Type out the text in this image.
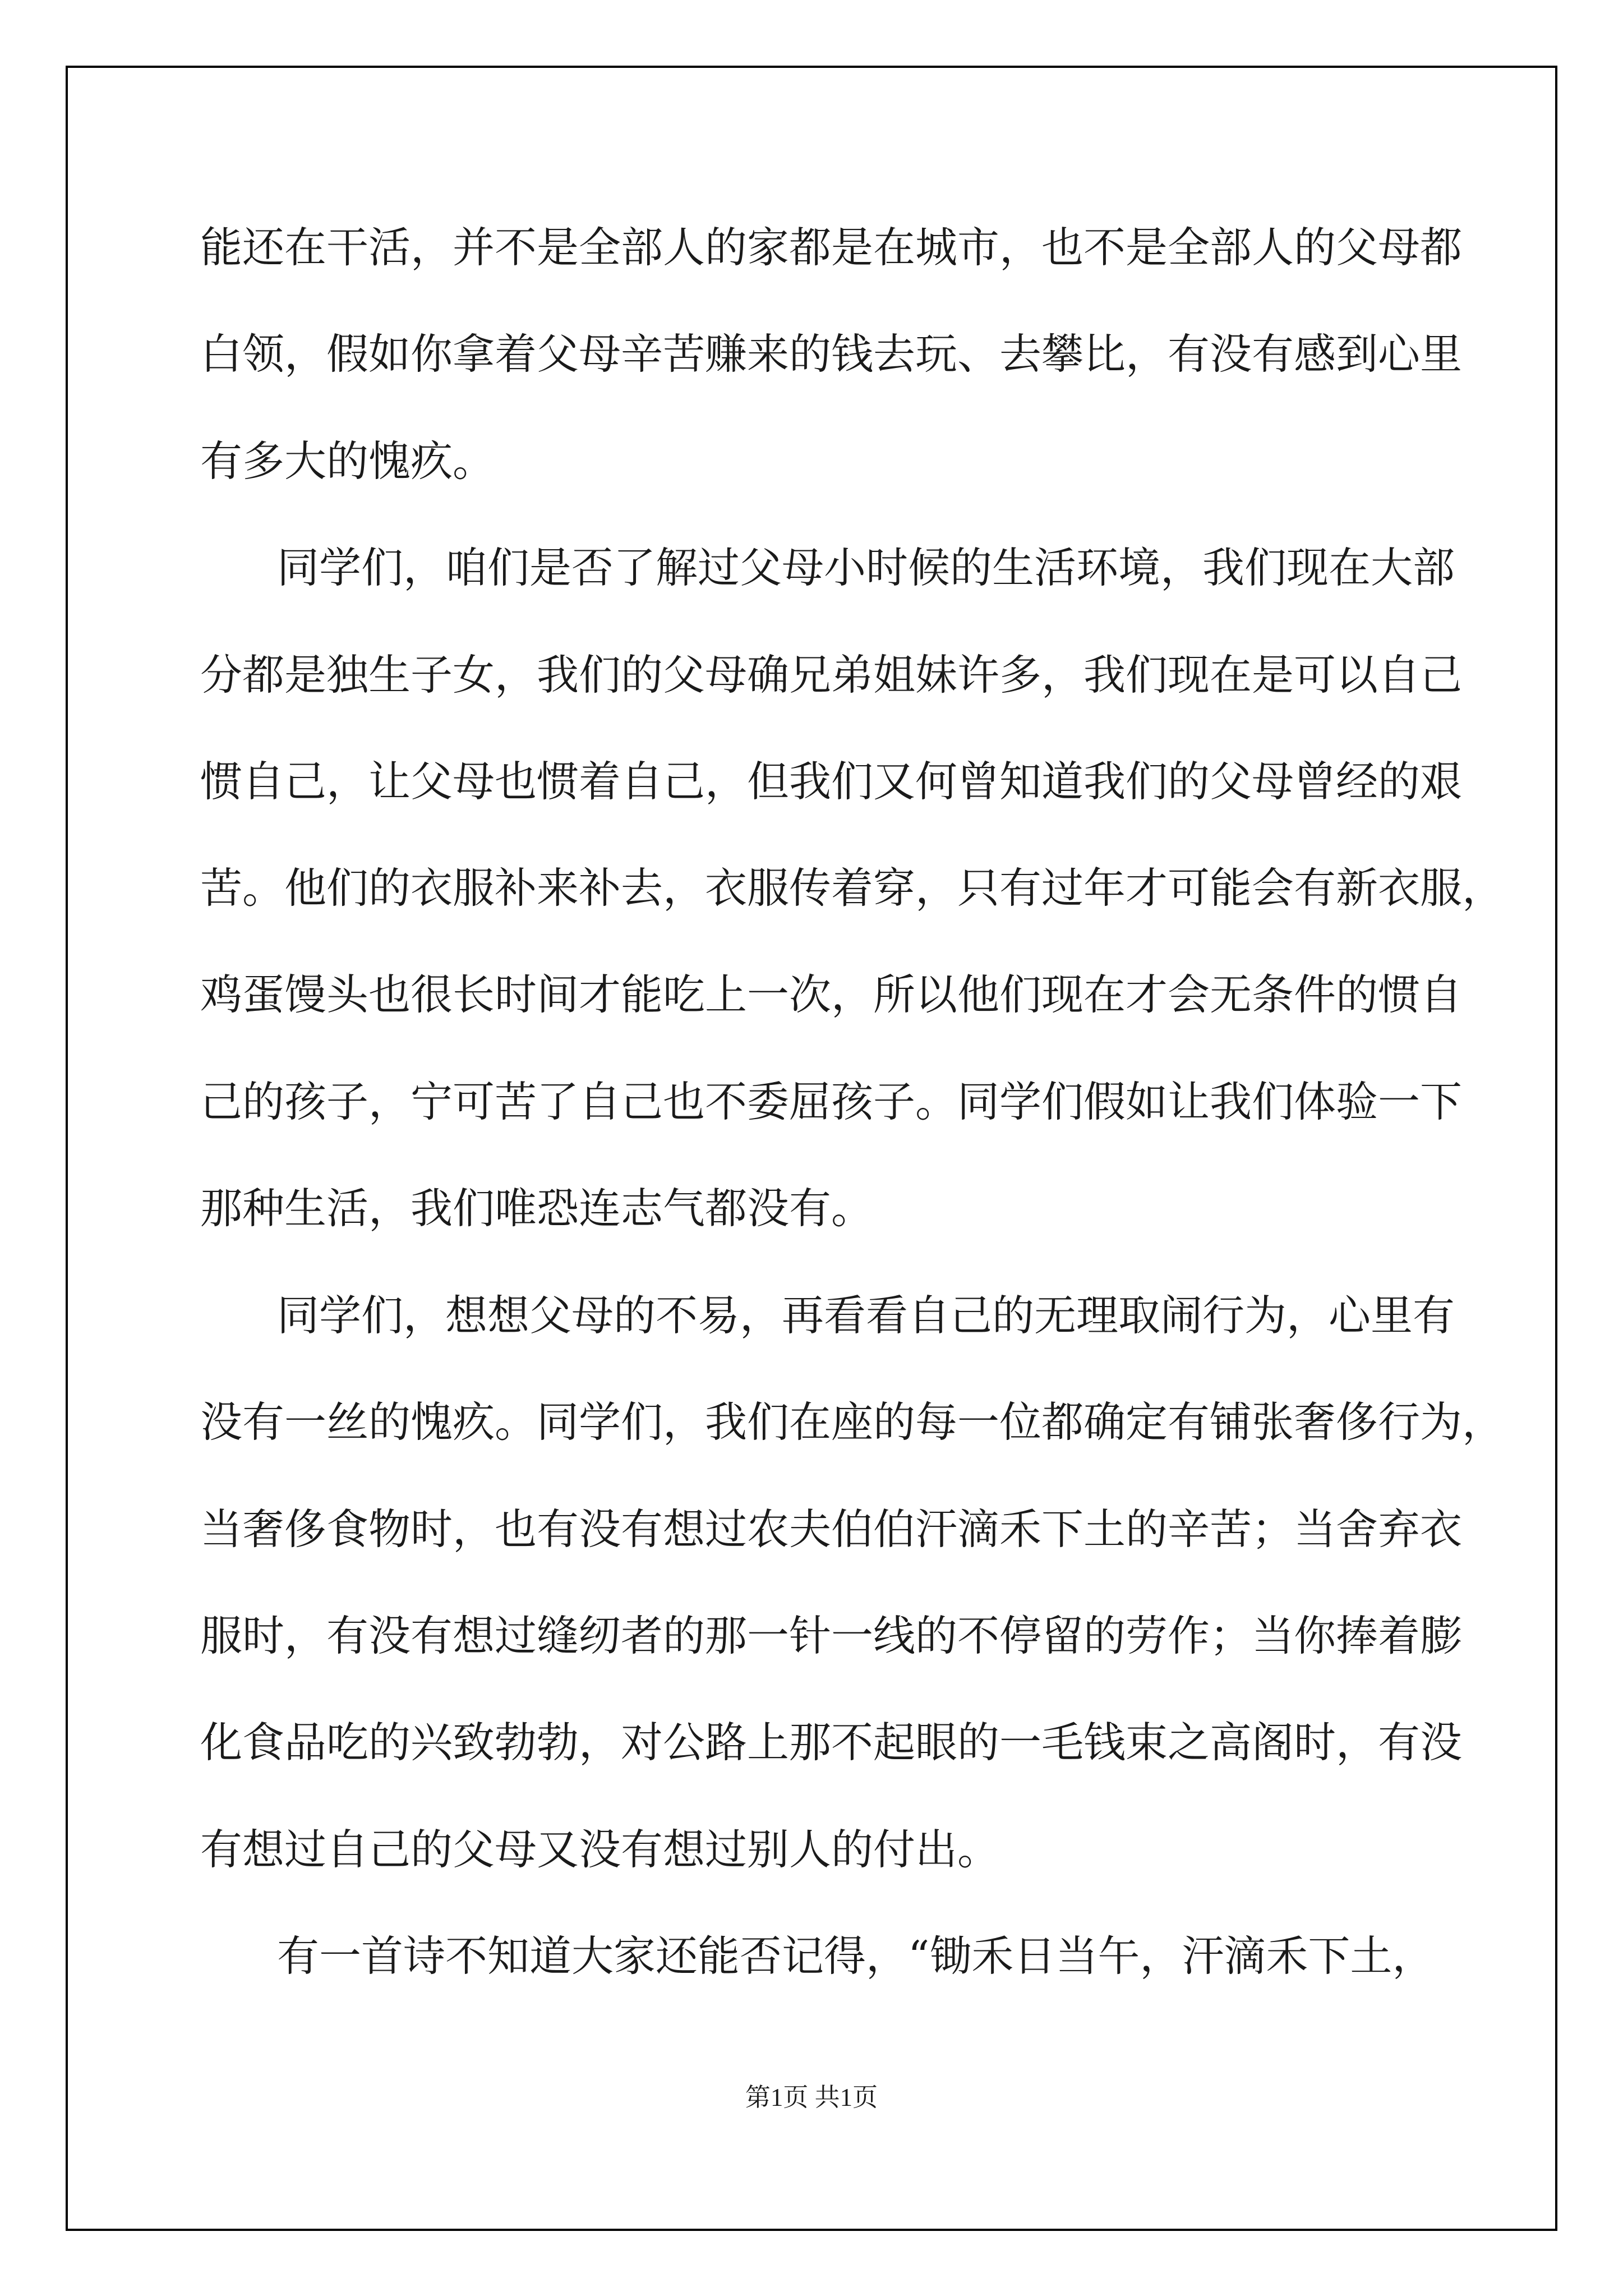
能还在干活，并不是全部人的家都是在城市，也不是全部人的父母都
白领，假如你拿着父母辛苦赚来的钱去玩、去攀比，有没有感到心里
有多大的愧疚。
同学们，咱们是否了解过父母小时候的生活环境，我们现在大部
分都是独生子女，我们的父母确兄弟姐妹许多，我们现在是可以自己
惯自己，让父母也惯着自己，但我们又何曾知道我们的父母曾经的艰
苦。他们的衣服补来补去，衣服传着穿，只有过年才可能会有新衣服，
鸡蛋馒头也很长时间才能吃上一次，所以他们现在才会无条件的惯自
己的孩子，宁可苦了自己也不委屈孩子。同学们假如让我们体验一下
那种生活，我们唯恐连志气都没有。
同学们，想想父母的不易，再看看自己的无理取闹行为，心里有
没有一丝的愧疚。同学们，我们在座的每一位都确定有铺张奢侈行为，
当奢侈食物时，也有没有想过农夫伯伯汗滴禾下土的辛苦；当舍弃衣
服时，有没有想过缝纫者的那一针一线的不停留的劳作；当你捧着膨
化食品吃的兴致勃勃，对公路上那不起眼的一毛钱束之高阁时，有没
有想过自己的父母又没有想过别人的付出。
有一首诗不知道大家还能否记得，“锄禾日当午，汗滴禾下土，
第1页 共1页
